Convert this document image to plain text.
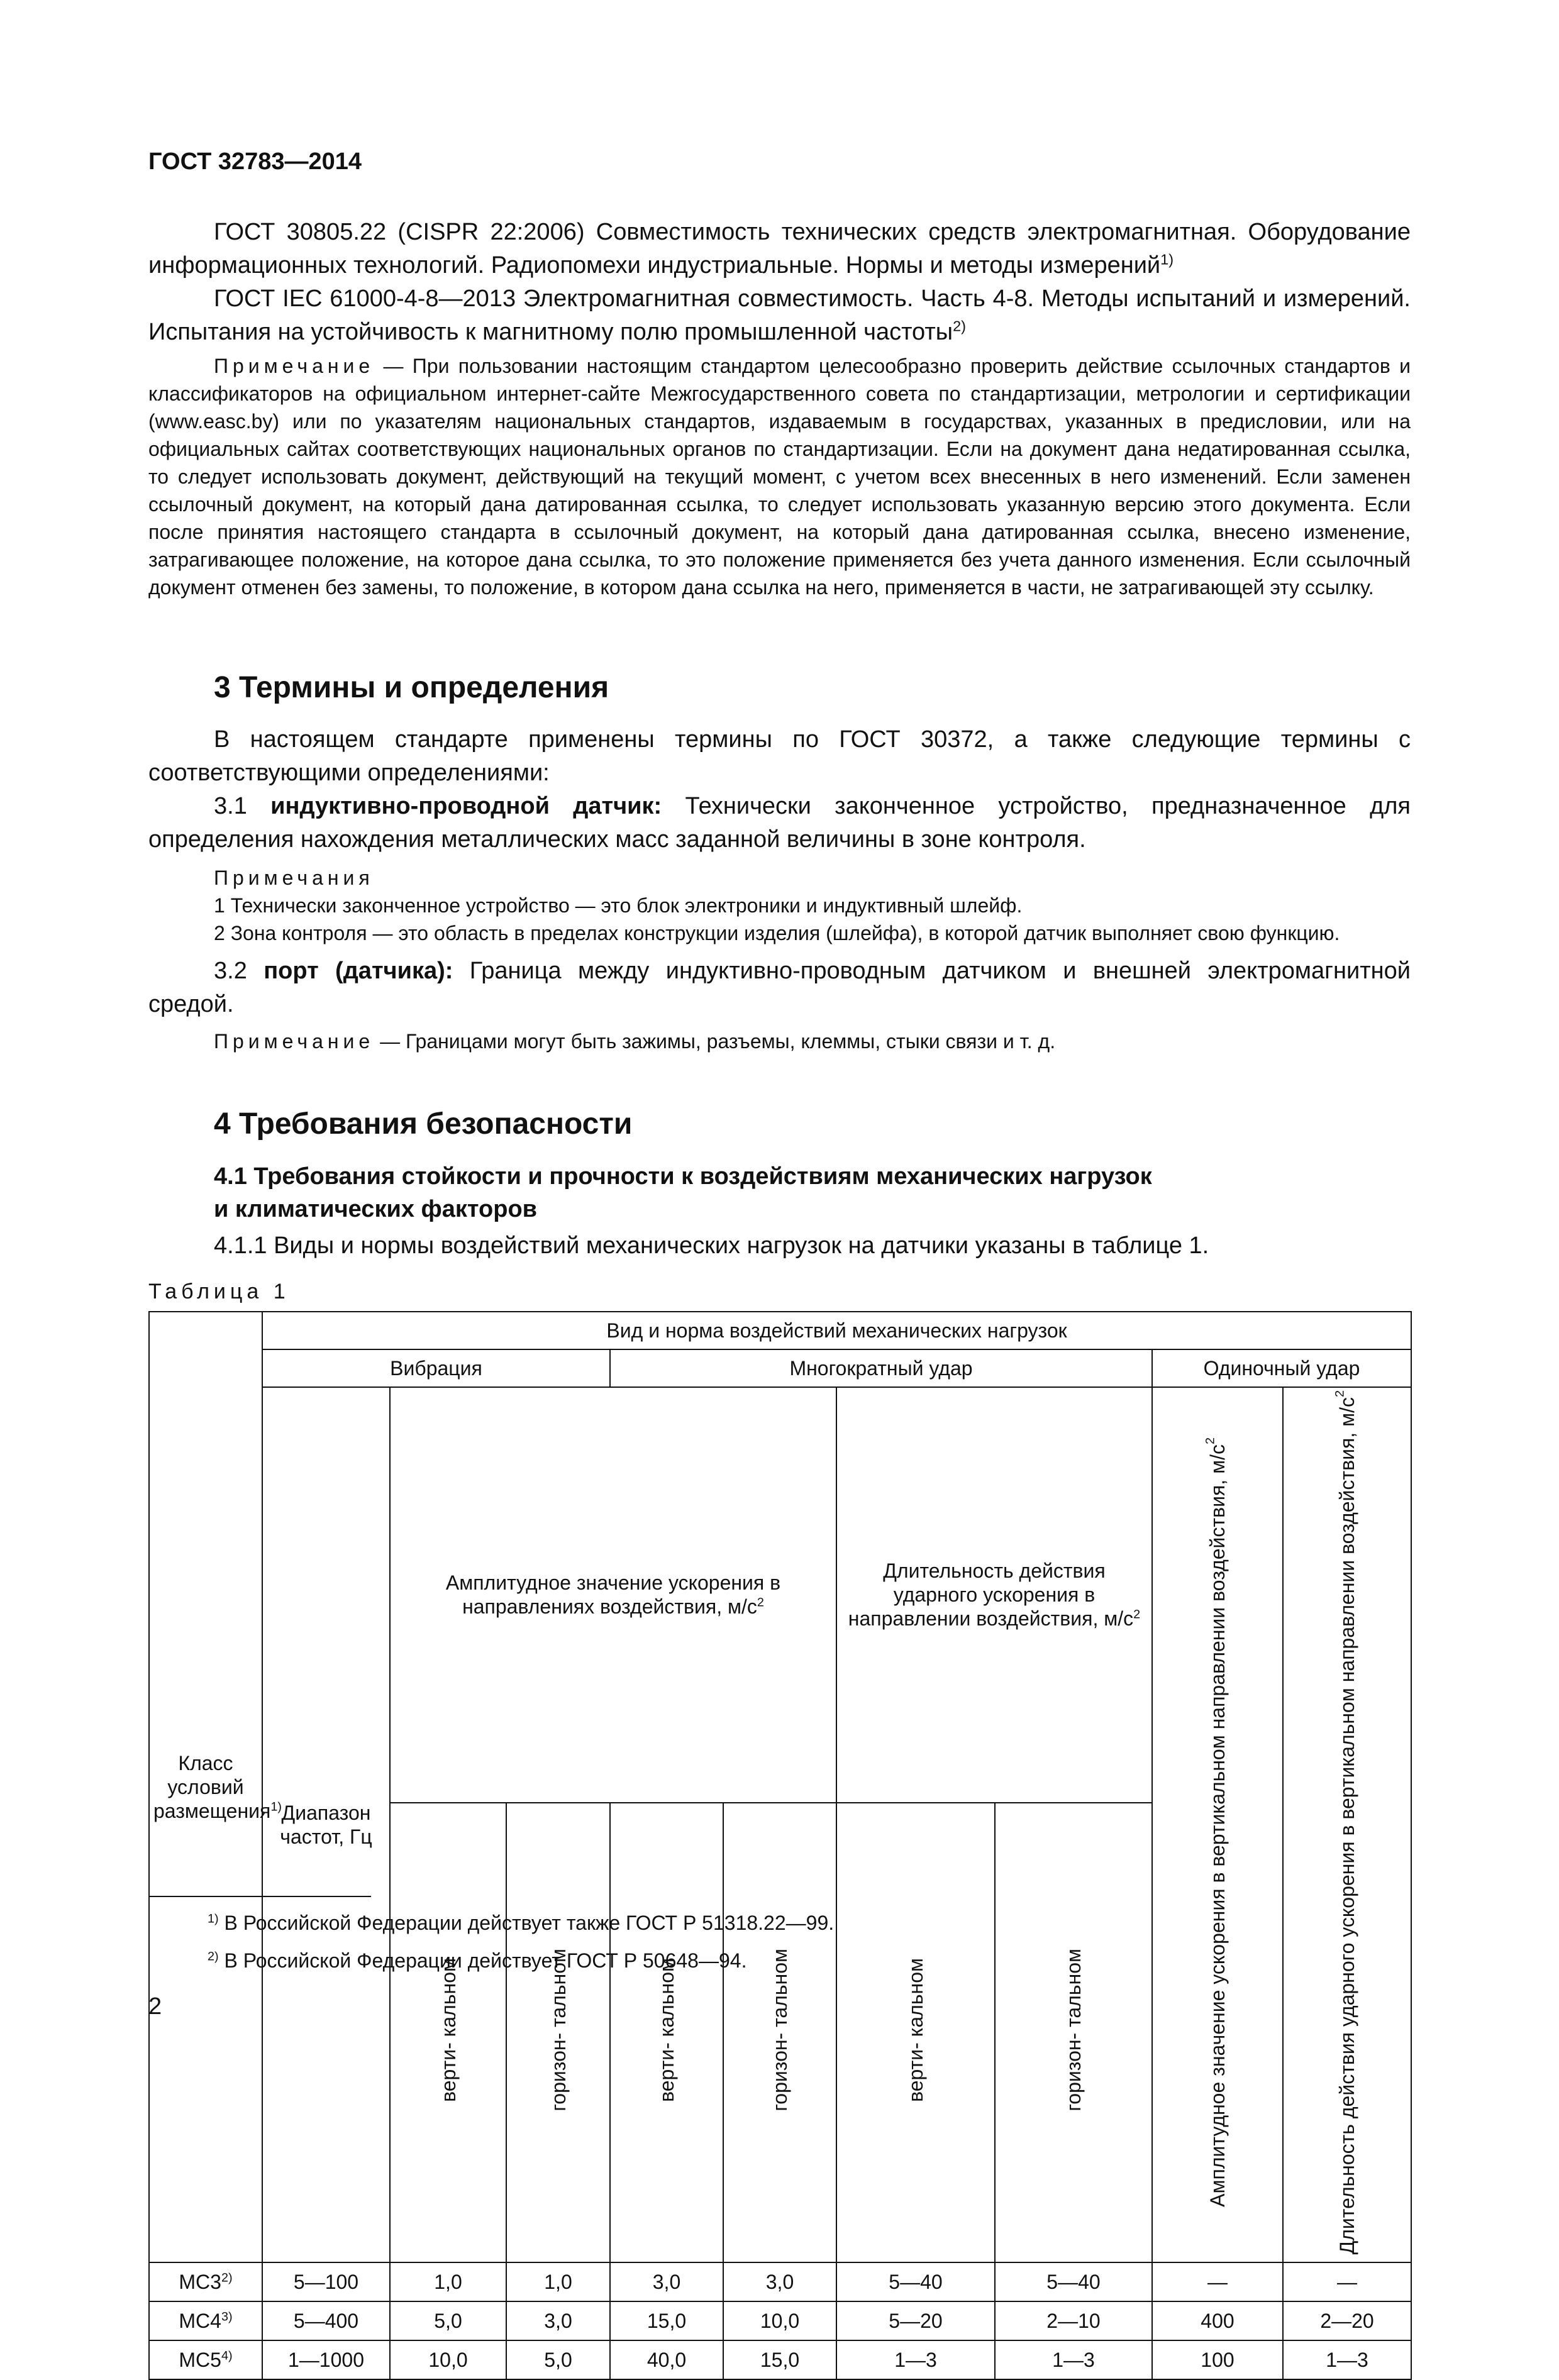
ГОСТ 32783—2014

ГОСТ 30805.22 (CISPR 22:2006) Совместимость технических средств электромагнитная. Оборудование информационных технологий. Радиопомехи индустриальные. Нормы и методы измерений$^{1)}$

ГОСТ IEC 61000-4-8—2013 Электромагнитная совместимость. Часть 4-8. Методы испытаний и измерений. Испытания на устойчивость к магнитному полю промышленной частоты$^{2)}$

Примечание — При пользовании настоящим стандартом целесообразно проверить действие ссылочных стандартов и классификаторов на официальном интернет-сайте Межгосударственного совета по стандартизации, метрологии и сертификации (www.easc.by) или по указателям национальных стандартов, издаваемым в государствах, указанных в предисловии, или на официальных сайтах соответствующих национальных органов по стандартизации. Если на документ дана недатированная ссылка, то следует использовать документ, действующий на текущий момент, с учетом всех внесенных в него изменений. Если заменен ссылочный документ, на который дана датированная ссылка, то следует использовать указанную версию этого документа. Если после принятия настоящего стандарта в ссылочный документ, на который дана датированная ссылка, внесено изменение, затрагивающее положение, на которое дана ссылка, то это положение применяется без учета данного изменения. Если ссылочный документ отменен без замены, то положение, в котором дана ссылка на него, применяется в части, не затрагивающей эту ссылку.

3 Термины и определения

В настоящем стандарте применены термины по ГОСТ 30372, а также следующие термины с соответствующими определениями:

3.1 индуктивно-проводной датчик: Технически законченное устройство, предназначенное для определения нахождения металлических масс заданной величины в зоне контроля.

Примечания

1 Технически законченное устройство — это блок электроники и индуктивный шлейф.

2 Зона контроля — это область в пределах конструкции изделия (шлейфа), в которой датчик выполняет свою функцию.

3.2 порт (датчика): Граница между индуктивно-проводным датчиком и внешней электромагнитной средой.

Примечание — Границами могут быть зажимы, разъемы, клеммы, стыки связи и т. д.

4 Требования безопасности
4.1 Требования стойкости и прочности к воздействиям механических нагрузок
и климатических факторов

4.1.1 Виды и нормы воздействий механических нагрузок на датчики указаны в таблице 1.

Таблица 1
Класс условий размещения$^{1)}$	Вид и норма воздействий механических нагрузок								
	Вибрация			Многократный удар				Одиночный удар	
	Диапазон частот, Гц	Амплитудное значение ускорения в направлениях воздействия, $м/с^2$				Длительность действия ударного ускорения в направлении воздействия, $м/с^2$		Амплитудное значение ускорения в вертикальном направлении воздействия, $м/с^2$	Длительность действия ударного ускорения в вертикальном направлении воздействия, $м/с^2$
		верти- кальном	горизон- тальном	верти- кальном	горизон- тальном	верти- кальном	горизон- тальном		
МС3$^{2)}$	5—100	1,0	1,0	3,0	3,0	5—40	5—40	—	—
МС4$^{3)}$	5—400	5,0	3,0	15,0	10,0	5—20	2—10	400	2—20
МС5$^{4)}$	1—1000	10,0	5,0	40,0	15,0	1—3	1—3	100	1—3
$^{1)}$ В Российской Федерации действует также ГОСТ Р 51318.22—99.
$^{2)}$ В Российской Федерации действует ГОСТ Р 50648—94.
2
